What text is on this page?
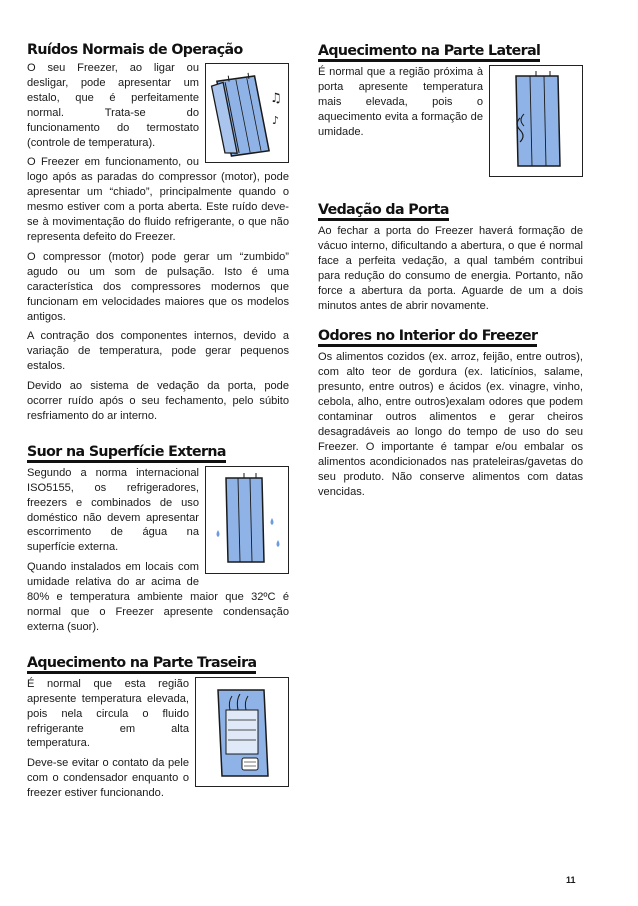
Ruídos Normais de Operação
♫
♪

O seu Freezer, ao ligar ou desligar, pode apresentar um estalo, que é perfeitamente normal. Trata-se do funcionamento do termostato (controle de temperatura).

O Freezer em funcionamento, ou logo após as paradas do compressor (motor), pode apresentar um “chiado”, principalmente quando o mesmo estiver com a porta aberta. Este ruído deve-se à movimentação do fluido refrigerante, o que não representa defeito do Freezer.

O compressor (motor) pode gerar um “zumbido” agudo ou um som de pulsação. Isto é uma característica dos compressores modernos que funcionam em velocidades maiores que os modelos antigos.

A contração dos componentes internos, devido a variação de temperatura, pode gerar pequenos estalos.

Devido ao sistema de vedação da porta, pode ocorrer ruído após o seu fechamento, pelo súbito resfriamento do ar interno.

Suor na Superfície Externa

Segundo a norma internacional ISO5155, os refrigeradores, freezers e combinados de uso doméstico não devem apresentar escorrimento de água na superfície externa.

Quando instalados em locais com umidade relativa do ar acima de 80% e temperatura ambiente maior que 32ºC é normal que o Freezer apresente condensação externa (suor).

Aquecimento na Parte Traseira

É normal que esta região apresente temperatura elevada, pois nela circula o fluido refrigerante em alta temperatura.

Deve-se evitar o contato da pele com o condensador enquanto o freezer estiver funcionando.

Aquecimento na Parte Lateral

É normal que a região próxima à porta apresente temperatura mais elevada, pois o aquecimento evita a formação de umidade.

Vedação da Porta

Ao fechar a porta do Freezer haverá formação de vácuo interno, dificultando a abertura, o que é normal face a perfeita vedação, a qual também contribui para redução do consumo de energia. Portanto, não force a abertura da porta. Aguarde de um a dois minutos antes de abrir novamente.

Odores no Interior do Freezer

Os alimentos cozidos (ex. arroz, feijão, entre outros), com alto teor de gordura (ex. laticínios, salame, presunto, entre outros) e ácidos (ex. vinagre, vinho, cebola, alho, entre outros)exalam odores que podem contaminar outros alimentos e gerar cheiros desagradáveis ao longo do tempo de uso do seu Freezer. O importante é tampar e/ou embalar os alimentos acondicionados nas prateleiras/gavetas do seu produto. Não conserve alimentos com datas vencidas.

11
